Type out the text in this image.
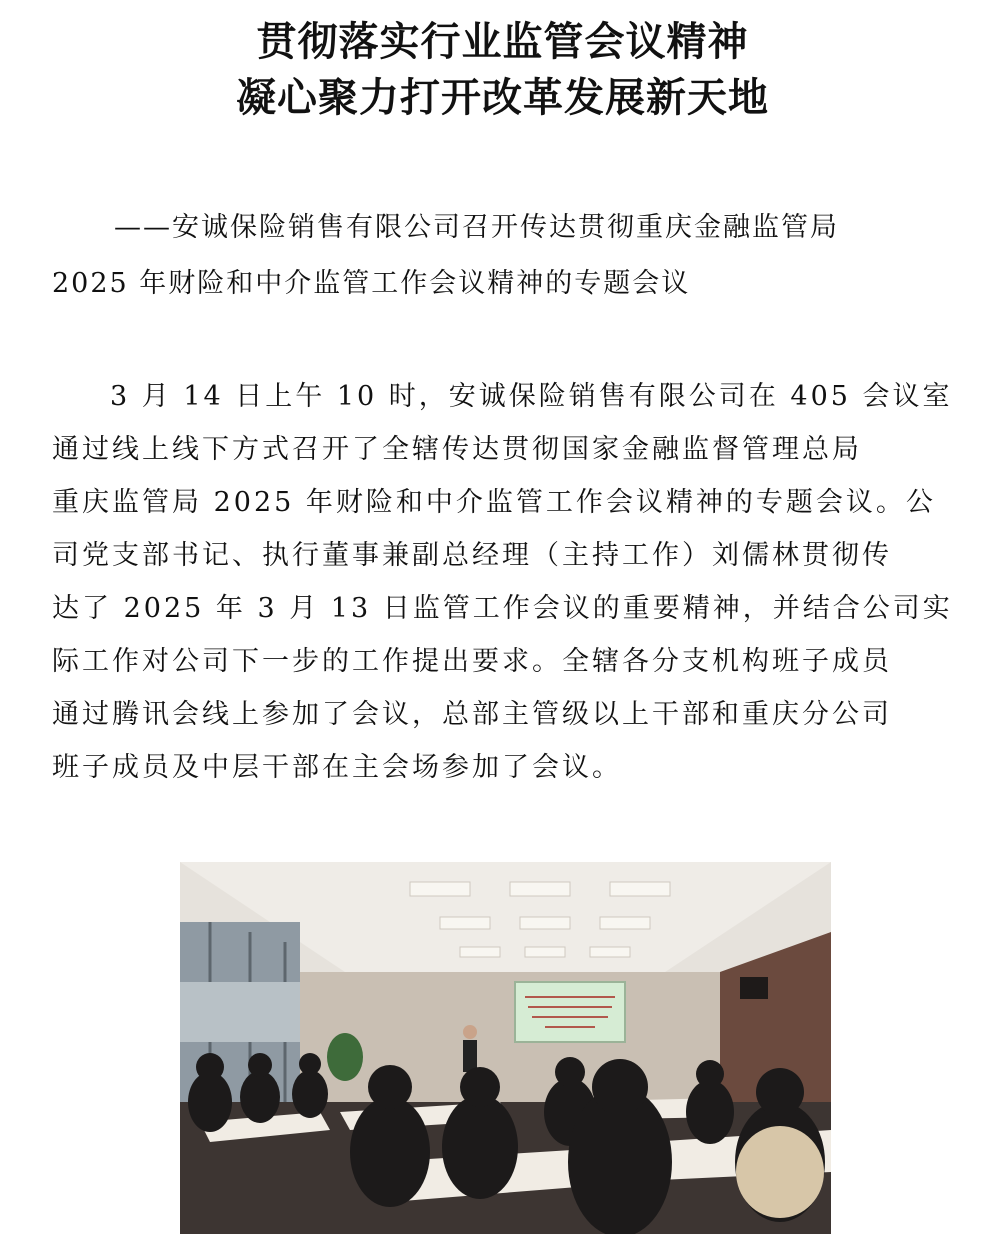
贯彻落实行业监管会议精神
凝心聚力打开改革发展新天地
——安诚保险销售有限公司召开传达贯彻重庆金融监管局
2025 年财险和中介监管工作会议精神的专题会议
3 月 14 日上午 10 时，安诚保险销售有限公司在 405 会议室
通过线上线下方式召开了全辖传达贯彻国家金融监督管理总局
重庆监管局 2025 年财险和中介监管工作会议精神的专题会议。公
司党支部书记、执行董事兼副总经理（主持工作）刘儒林贯彻传
达了 2025 年 3 月 13 日监管工作会议的重要精神，并结合公司实
际工作对公司下一步的工作提出要求。全辖各分支机构班子成员
通过腾讯会线上参加了会议，总部主管级以上干部和重庆分公司
班子成员及中层干部在主会场参加了会议。
